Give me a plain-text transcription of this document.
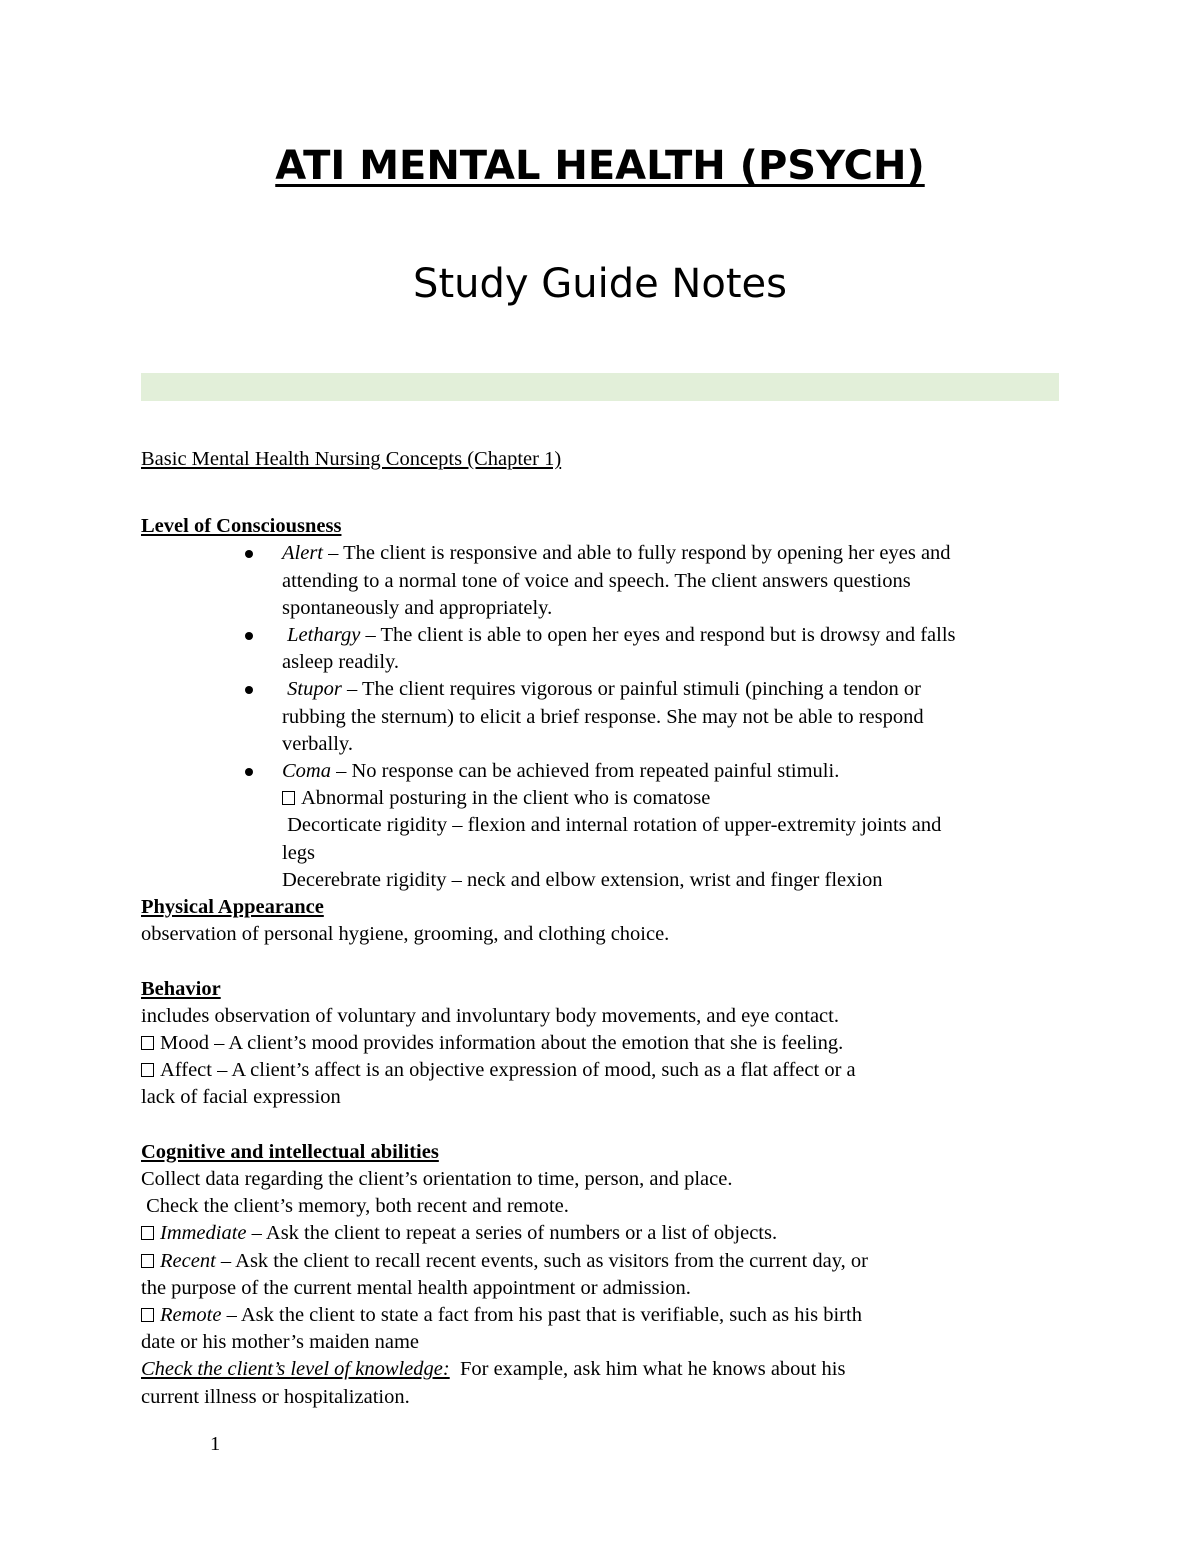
ATI MENTAL HEALTH (PSYCH)
Study Guide Notes

Basic Mental Health Nursing Concepts (Chapter 1)

Level of Consciousness

Alert – The client is responsive and able to fully respond by opening her eyes and

attending to a normal tone of voice and speech. The client answers questions

spontaneously and appropriately.

Lethargy – The client is able to open her eyes and respond but is drowsy and falls

asleep readily.

Stupor – The client requires vigorous or painful stimuli (pinching a tendon or

rubbing the sternum) to elicit a brief response. She may not be able to respond

verbally.

Coma – No response can be achieved from repeated painful stimuli.

Abnormal posturing in the client who is comatose

Decorticate rigidity – flexion and internal rotation of upper-extremity joints and

legs

Decerebrate rigidity – neck and elbow extension, wrist and finger flexion

Physical Appearance

observation of personal hygiene, grooming, and clothing choice.

Behavior

includes observation of voluntary and involuntary body movements, and eye contact.

Mood – A client’s mood provides information about the emotion that she is feeling.

Affect – A client’s affect is an objective expression of mood, such as a flat affect or a

lack of facial expression

Cognitive and intellectual abilities

Collect data regarding the client’s orientation to time, person, and place.

Check the client’s memory, both recent and remote.

Immediate – Ask the client to repeat a series of numbers or a list of objects.

Recent – Ask the client to recall recent events, such as visitors from the current day, or

the purpose of the current mental health appointment or admission.

Remote – Ask the client to state a fact from his past that is verifiable, such as his birth

date or his mother’s maiden name

Check the client’s level of knowledge: For example, ask him what he knows about his

current illness or hospitalization.

1
